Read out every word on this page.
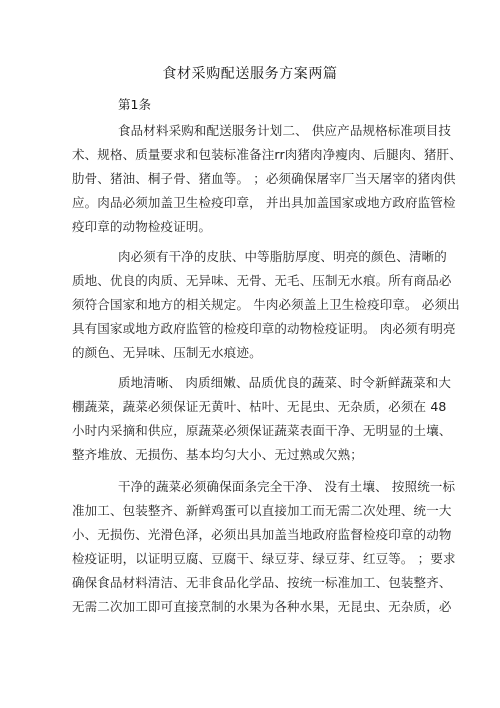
食材采购配送服务方案两篇
第1条
食品材料采购和配送服务计划二、 供应产品规格标准项目技
术、规格、质量要求和包装标准备注rr肉猪肉净瘦肉、后腿肉、猪肝、
肋骨、猪油、桐子骨、猪血等。 ；必须确保屠宰厂当天屠宰的猪肉供
应。肉品必须加盖卫生检疫印章， 并出具加盖国家或地方政府监管检
疫印章的动物检疫证明。
肉必须有干净的皮肤、中等脂肪厚度、明亮的颜色、清晰的
质地、优良的肉质、无异味、无骨、无毛、压制无水痕。所有商品必
须符合国家和地方的相关规定。 牛肉必须盖上卫生检疫印章。 必须出
具有国家或地方政府监管的检疫印章的动物检疫证明。 肉必须有明亮
的颜色、无异味、压制无水痕迹。
质地清晰、 肉质细嫩、品质优良的蔬菜、时令新鲜蔬菜和大
棚蔬菜，蔬菜必须保证无黄叶、枯叶、无昆虫、无杂质，必须在 48
小时内采摘和供应，原蔬菜必须保证蔬菜表面干净、无明显的土壤、
整齐堆放、无损伤、基本均匀大小、无过熟或欠熟；
干净的蔬菜必须确保面条完全干净、 没有土壤、 按照统一标
准加工、包装整齐、新鲜鸡蛋可以直接加工而无需二次处理、统一大
小、无损伤、光滑色泽，必须出具加盖当地政府监督检疫印章的动物
检疫证明，以证明豆腐、豆腐干、绿豆芽、绿豆芽、红豆等。 ；要求
确保食品材料清洁、无非食品化学品、按统一标准加工、包装整齐、
无需二次加工即可直接烹制的水果为各种水果，无昆虫、无杂质，必
